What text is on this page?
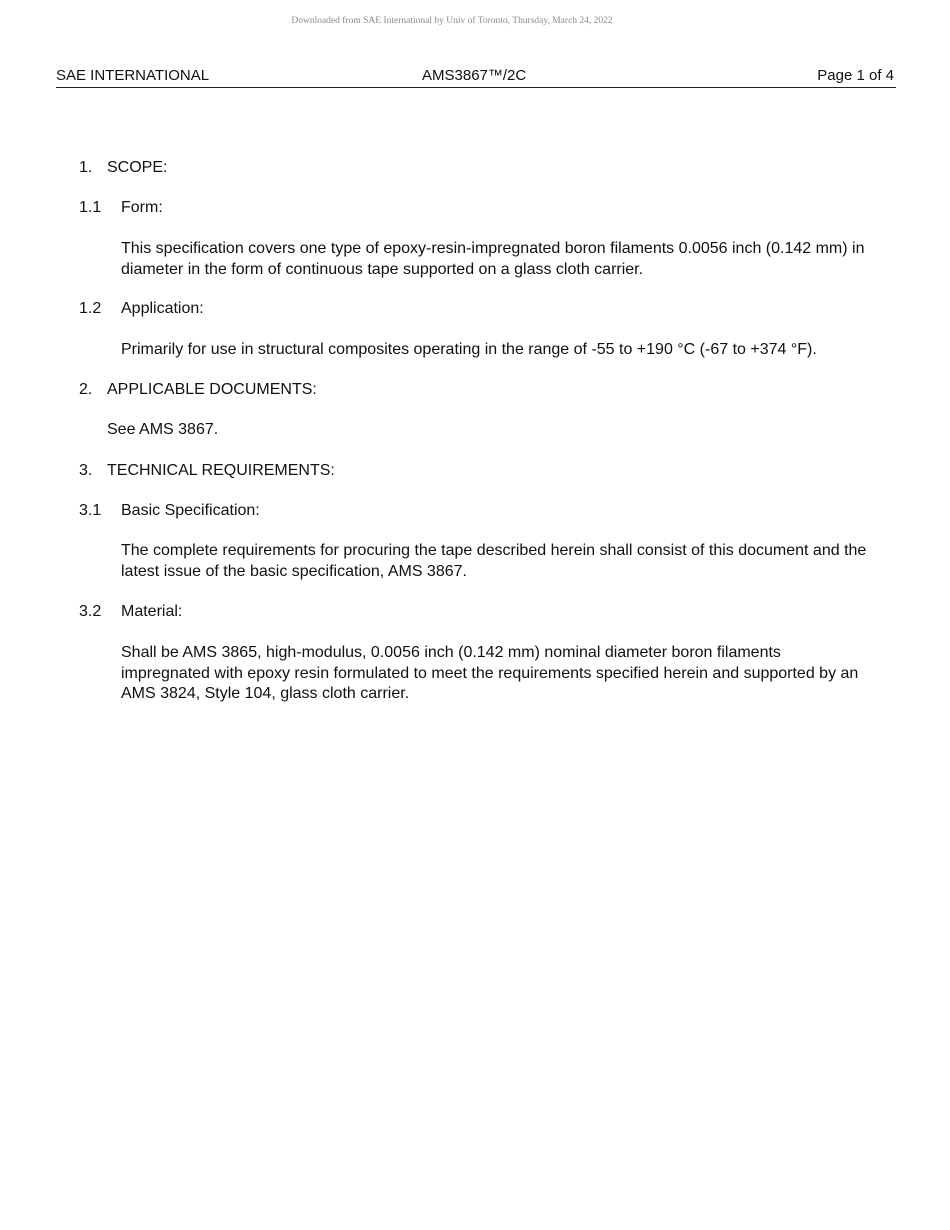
Downloaded from SAE International by Univ of Toronto, Thursday, March 24, 2022
SAE INTERNATIONAL	AMS3867™/2C	Page 1 of 4
1. SCOPE:
1.1 Form:
This specification covers one type of epoxy-resin-impregnated boron filaments 0.0056 inch (0.142 mm) in diameter in the form of continuous tape supported on a glass cloth carrier.
1.2 Application:
Primarily for use in structural composites operating in the range of -55 to +190 °C (-67 to +374 °F).
2. APPLICABLE DOCUMENTS:
See AMS 3867.
3. TECHNICAL REQUIREMENTS:
3.1 Basic Specification:
The complete requirements for procuring the tape described herein shall consist of this document and the latest issue of the basic specification, AMS 3867.
3.2 Material:
Shall be AMS 3865, high-modulus, 0.0056 inch (0.142 mm) nominal diameter boron filaments impregnated with epoxy resin formulated to meet the requirements specified herein and supported by an AMS 3824, Style 104, glass cloth carrier.
